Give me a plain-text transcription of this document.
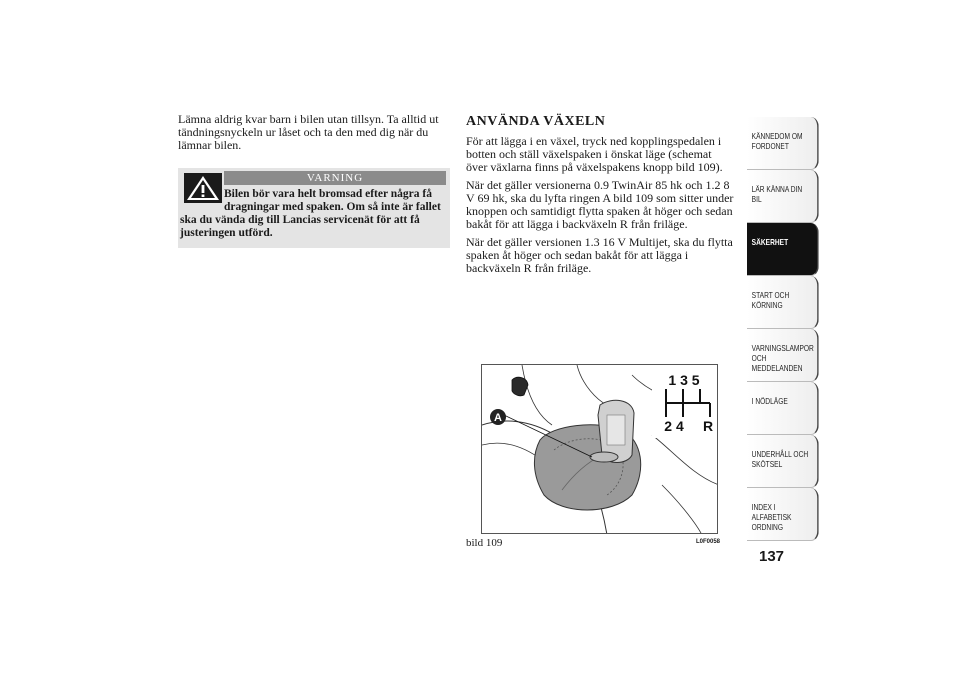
Lämna aldrig kvar barn i bilen utan tillsyn. Ta alltid ut tändningsnyckeln ur låset och ta den med dig när du lämnar bilen.

VARNING

Bilen bör vara helt bromsad efter några få dragningar med spaken. Om så inte är fallet ska du vända dig till Lancias servicenät för att få justeringen utförd.

ANVÄNDA VÄXELN

För att lägga i en växel, tryck ned kopplingspedalen i botten och ställ växelspaken i önskat läge (schemat över växlarna finns på växelspakens knopp bild 109).

När det gäller versionerna 0.9 TwinAir 85 hk och 1.2 8 V 69 hk, ska du lyfta ringen A bild 109 som sitter under knoppen och samtidigt flytta spaken åt höger och sedan bakåt för att lägga i backväxeln R från friläge.

När det gäller versionen 1.3 16 V Multijet, ska du flytta spaken åt höger och sedan bakåt för att lägga i backväxeln R från friläge.

A
1 3 5
2 4 R
bild 109	L0F0058
KÄNNEDOM OM
FORDONET
LÄR KÄNNA DIN
BIL
SÄKERHET
START OCH
KÖRNING
VARNINGSLAMPOR
OCH
MEDDELANDEN
I NÖDLÄGE
UNDERHÅLL OCH
SKÖTSEL
INDEX I
ALFABETISK
ORDNING
137
